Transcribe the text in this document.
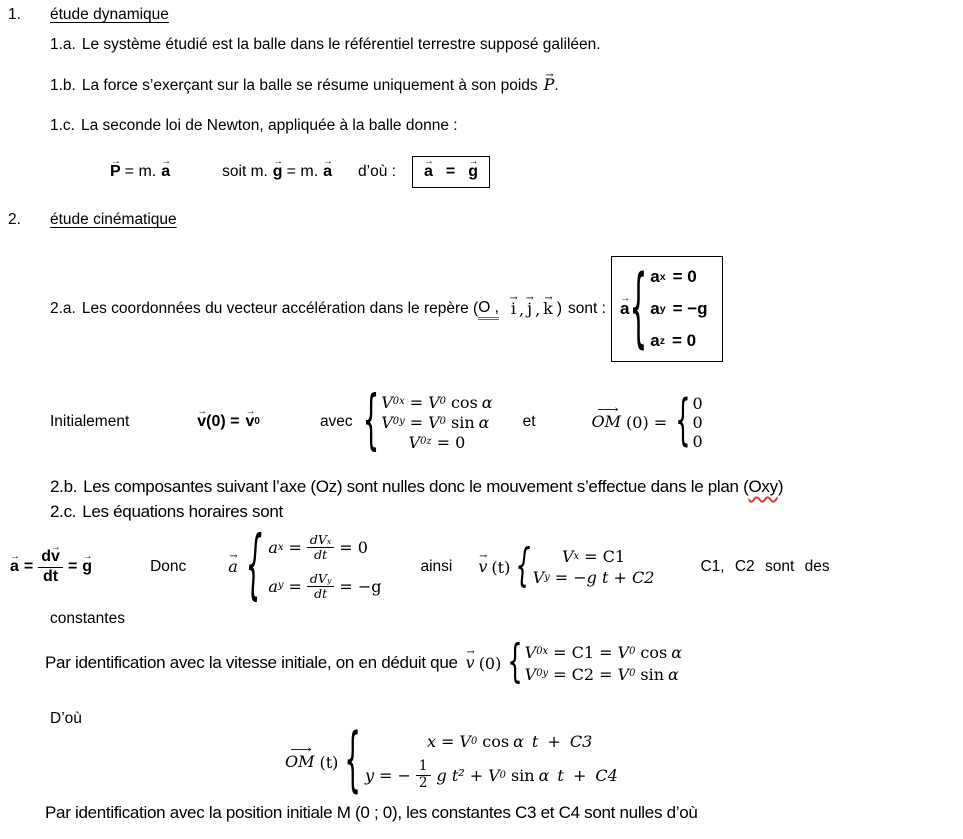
1.	étude dynamique
1.a. Le système étudié est la balle dans le référentiel terrestre supposé galiléen.
1.b. La force s’exerçant sur la balle se résume uniquement à son poids → P .
1.c. La seconde loi de Newton, appliquée à la balle donne :
→ P = m. → a	soit m. → g = m. → a d’où : → a = → g
2.	étude cinématique
2.a. Les coordonnées du vecteur accélération dans le repère ( O , → i , → j , → k ) sont : → a { a x = 0
a y = −g
a z = 0
Initialement	→ v (0) = → v 0	avec { V 0x = V 0 cos α
V 0y = V 0 sin α
V 0z = 0
et	⟶ OM (0) = { 0
0
0
2.b. Les composantes suivant l’axe (Oz) sont nulles donc le mouvement s’effectue dans le plan ( Oxy )
2.c. Les équations horaires sont
→ $a = \frac{d \to v}{dt}$ = → g	Donc	→ a { a $x = \frac{\text{dV x}}{dt} = 0$
a $y = \frac{\text{dV y}}{dt} = -g$
ainsi → v (t) { V x = C1
V y = −g t + C2
C1, C2 sont des
constantes
Par identification avec la vitesse initiale, on en déduit que → v (0) { V 0x = C1 = V 0 cos α
V 0y = C2 = V 0 sin α
D’où
⟶ OM (t) {	x = V 0 cos α t + C3
y = − $\frac{1}{2}$ g t² + V 0 sin α t + C4
Par identification avec la position initiale M (0 ; 0), les constantes C3 et C4 sont nulles d’où
